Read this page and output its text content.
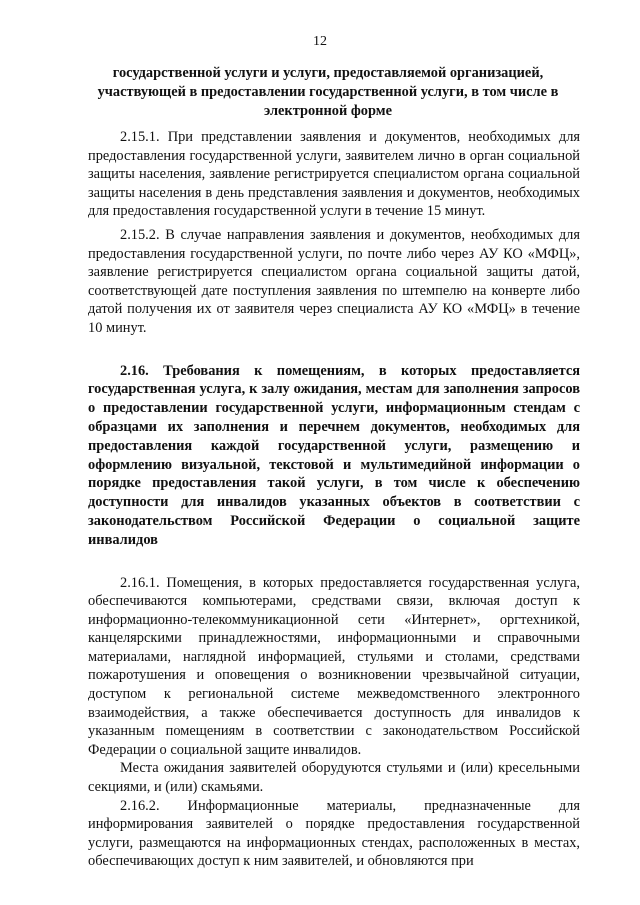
12
государственной услуги и услуги, предоставляемой организацией, участвующей в предоставлении государственной услуги, в том числе в электронной форме

2.15.1. При представлении заявления и документов, необходимых для предоставления государственной услуги, заявителем лично в орган социальной защиты населения, заявление регистрируется специалистом органа социальной защиты населения в день представления заявления и документов, необходимых для предоставления государственной услуги в течение 15 минут.

2.15.2. В случае направления заявления и документов, необходимых для предоставления государственной услуги, по почте либо через АУ КО «МФЦ», заявление регистрируется специалистом органа социальной защиты датой, соответствующей дате поступления заявления по штемпелю на конверте либо датой получения их от заявителя через специалиста АУ КО «МФЦ» в течение 10 минут.

2.16. Требования к помещениям, в которых предоставляется государственная услуга, к залу ожидания, местам для заполнения запросов о предоставлении государственной услуги, информационным стендам с образцами их заполнения и перечнем документов, необходимых для предоставления каждой государственной услуги, размещению и оформлению визуальной, текстовой и мультимедийной информации о порядке предоставления такой услуги, в том числе к обеспечению доступности для инвалидов указанных объектов в соответствии с законодательством Российской Федерации о социальной защите инвалидов

2.16.1. Помещения, в которых предоставляется государственная услуга, обеспечиваются компьютерами, средствами связи, включая доступ к информационно-телекоммуникационной сети «Интернет», оргтехникой, канцелярскими принадлежностями, информационными и справочными материалами, наглядной информацией, стульями и столами, средствами пожаротушения и оповещения о возникновении чрезвычайной ситуации, доступом к региональной системе межведомственного электронного взаимодействия, а также обеспечивается доступность для инвалидов к указанным помещениям в соответствии с законодательством Российской Федерации о социальной защите инвалидов.

Места ожидания заявителей оборудуются стульями и (или) кресельными секциями, и (или) скамьями.

2.16.2. Информационные материалы, предназначенные для информирования заявителей о порядке предоставления государственной услуги, размещаются на информационных стендах, расположенных в местах, обеспечивающих доступ к ним заявителей, и обновляются при
